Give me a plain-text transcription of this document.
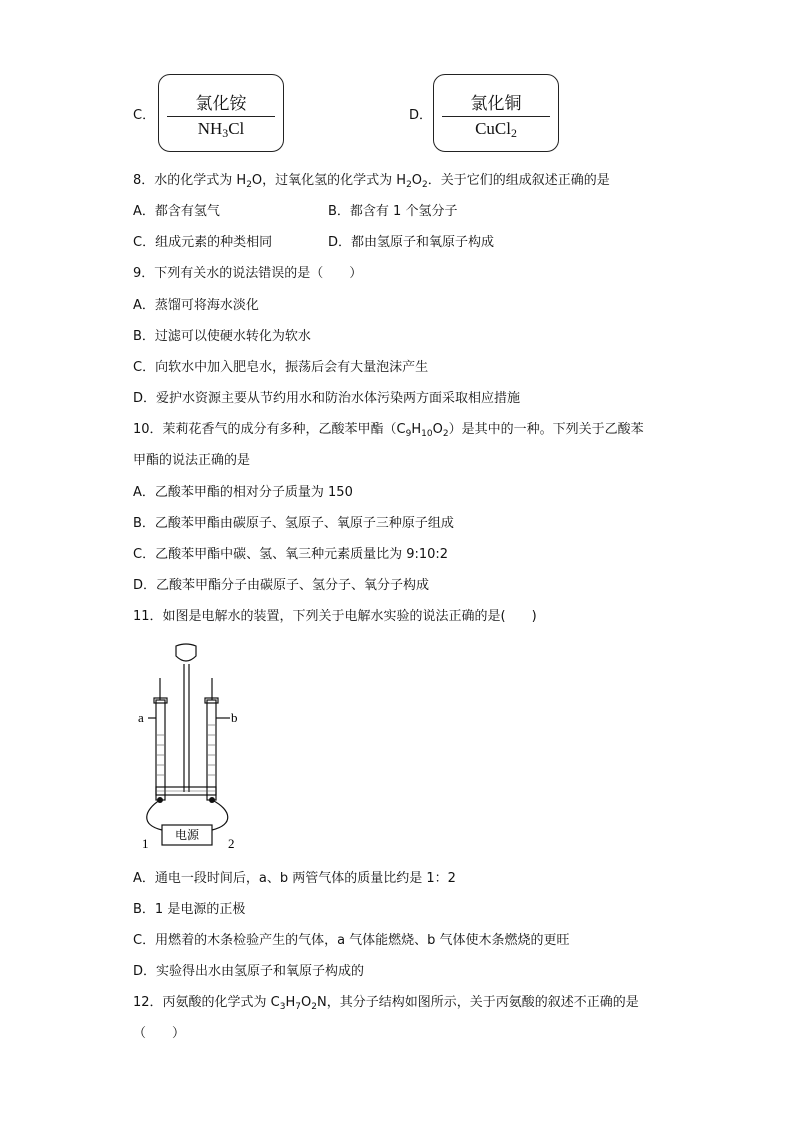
C．
氯化铵
$NH_3Cl$
D．
氯化铜
CuCl$_2$
8．水的化学式为 $H_2O$，过氧化氢的化学式为 $H_2O_2$．关于它们的组成叙述正确的是
A．都含有氢气	B．都含有 1 个氢分子
C．组成元素的种类相同	D．都由氢原子和氧原子构成
9．下列有关水的说法错误的是（　　）
A．蒸馏可将海水淡化
B．过滤可以使硬水转化为软水
C．向软水中加入肥皂水，振荡后会有大量泡沫产生
D．爱护水资源主要从节约用水和防治水体污染两方面采取相应措施
10．茉莉花香气的成分有多种，乙酸苯甲酯$(C_9H_{10}O_2)$是其中的一种。下列关于乙酸苯
甲酯的说法正确的是
A．乙酸苯甲酯的相对分子质量为 150
B．乙酸苯甲酯由碳原子、氢原子、氧原子三种原子组成
C．乙酸苯甲酯中碳、氢、氧三种元素质量比为 9:10:2
D．乙酸苯甲酯分子由碳原子、氢分子、氧分子构成
11．如图是电解水的装置，下列关于电解水实验的说法正确的是(　　)
a	b
1	2
电源
A．通电一段时间后，a、b 两管气体的质量比约是 1：2
B．1 是电源的正极
C．用燃着的木条检验产生的气体，a 气体能燃烧、b 气体使木条燃烧的更旺
D．实验得出水由氢原子和氧原子构成的
12．丙氨酸的化学式为 $C_3H_7O_2N$，其分子结构如图所示，关于丙氨酸的叙述不正确的是
（　　）
